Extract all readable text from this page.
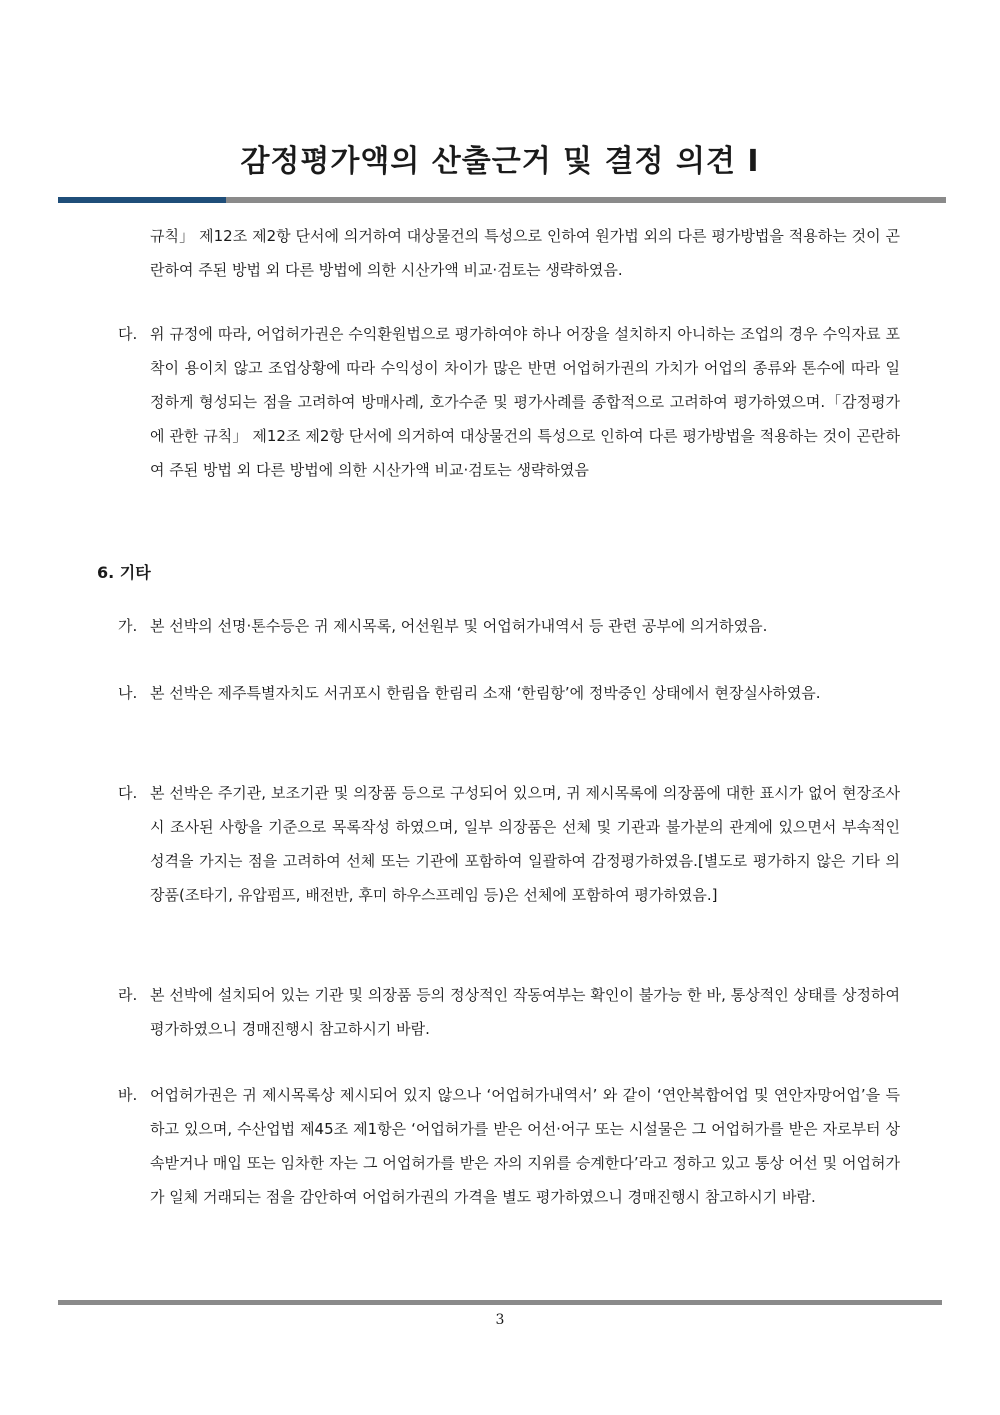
감정평가액의 산출근거 및 결정 의견 I

규칙」 제12조 제2항 단서에 의거하여 대상물건의 특성으로 인하여 원가법 외의 다른 평가방법을 적용하는 것이 곤란하여 주된 방법 외 다른 방법에 의한 시산가액 비교·검토는 생략하였음.

다. 위 규정에 따라, 어업허가권은 수익환원법으로 평가하여야 하나 어장을 설치하지 아니하는 조업의 경우 수익자료 포착이 용이치 않고 조업상황에 따라 수익성이 차이가 많은 반면 어업허가권의 가치가 어업의 종류와 톤수에 따라 일정하게 형성되는 점을 고려하여 방매사례, 호가수준 및 평가사례를 종합적으로 고려하여 평가하였으며.「감정평가에 관한 규칙」 제12조 제2항 단서에 의거하여 대상물건의 특성으로 인하여 다른 평가방법을 적용하는 것이 곤란하여 주된 방법 외 다른 방법에 의한 시산가액 비교·검토는 생략하였음

6. 기타

가. 본 선박의 선명·톤수등은 귀 제시목록, 어선원부 및 어업허가내역서 등 관련 공부에 의거하였음.

나. 본 선박은 제주특별자치도 서귀포시 한림읍 한림리 소재 ‘한림항’에 정박중인 상태에서 현장실사하였음.

다. 본 선박은 주기관, 보조기관 및 의장품 등으로 구성되어 있으며, 귀 제시목록에 의장품에 대한 표시가 없어 현장조사시 조사된 사항을 기준으로 목록작성 하였으며, 일부 의장품은 선체 및 기관과 불가분의 관계에 있으면서 부속적인 성격을 가지는 점을 고려하여 선체 또는 기관에 포함하여 일괄하여 감정평가하였음.[별도로 평가하지 않은 기타 의장품(조타기, 유압펌프, 배전반, 후미 하우스프레임 등)은 선체에 포함하여 평가하였음.]

라. 본 선박에 설치되어 있는 기관 및 의장품 등의 정상적인 작동여부는 확인이 불가능 한 바, 통상적인 상태를 상정하여 평가하였으니 경매진행시 참고하시기 바람.

바. 어업허가권은 귀 제시목록상 제시되어 있지 않으나 ‘어업허가내역서’ 와 같이 ‘연안복합어업 및 연안자망어업’을 득하고 있으며, 수산업법 제45조 제1항은 ‘어업허가를 받은 어선·어구 또는 시설물은 그 어업허가를 받은 자로부터 상속받거나 매입 또는 임차한 자는 그 어업허가를 받은 자의 지위를 승계한다’라고 정하고 있고 통상 어선 및 어업허가가 일체 거래되는 점을 감안하여 어업허가권의 가격을 별도 평가하였으니 경매진행시 참고하시기 바람.

3
